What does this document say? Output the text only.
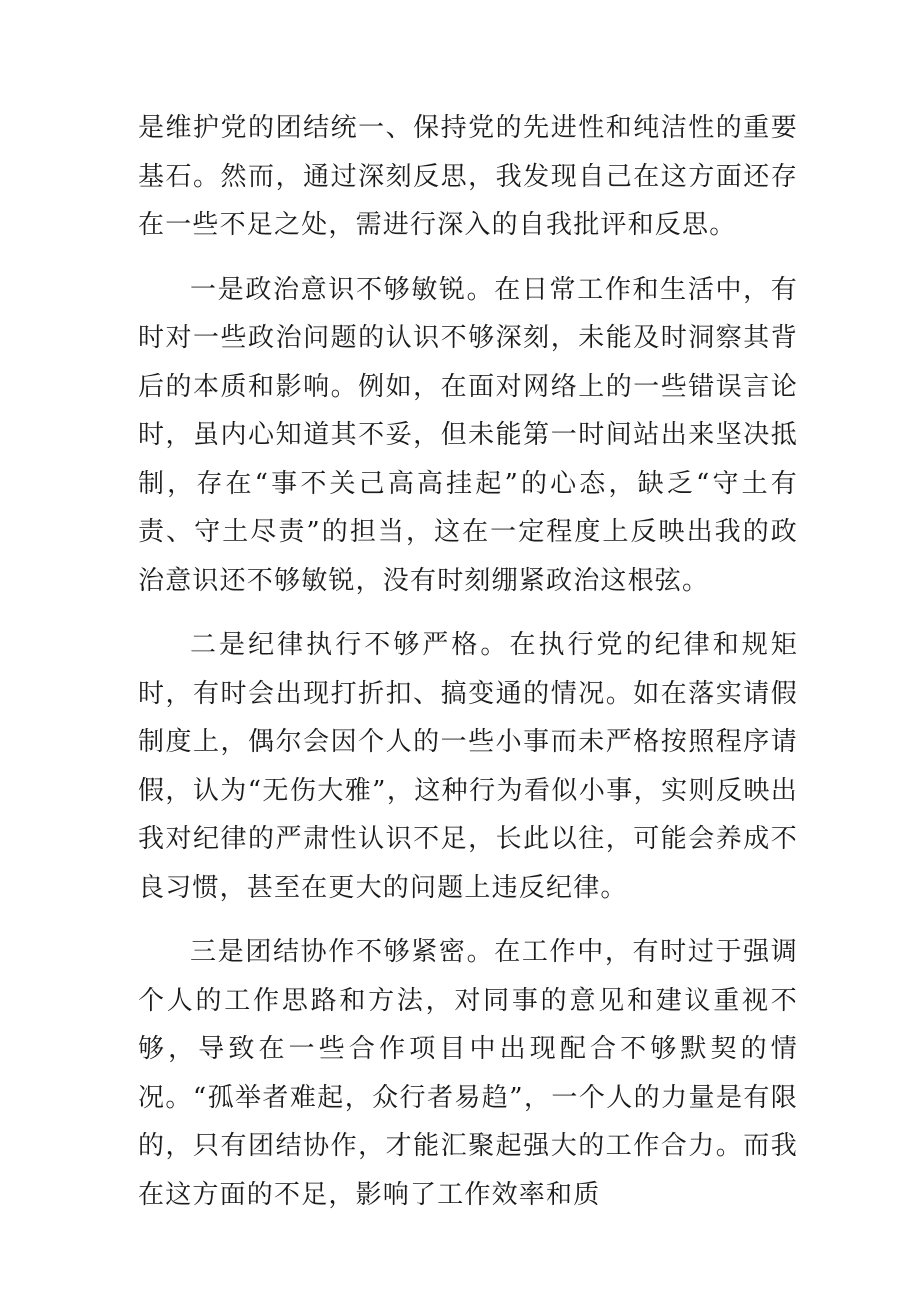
是维护党的团结统一、保持党的先进性和纯洁性的重要基石。然而，通过深刻反思，我发现自己在这方面还存在一些不足之处，需进行深入的自我批评和反思。

一是政治意识不够敏锐。在日常工作和生活中，有时对一些政治问题的认识不够深刻，未能及时洞察其背后的本质和影响。例如，在面对网络上的一些错误言论时，虽内心知道其不妥，但未能第一时间站出来坚决抵制，存在“事不关己高高挂起”的心态，缺乏“守土有责、守土尽责”的担当，这在一定程度上反映出我的政治意识还不够敏锐，没有时刻绷紧政治这根弦。

二是纪律执行不够严格。在执行党的纪律和规矩时，有时会出现打折扣、搞变通的情况。如在落实请假制度上，偶尔会因个人的一些小事而未严格按照程序请假，认为“无伤大雅”，这种行为看似小事，实则反映出我对纪律的严肃性认识不足，长此以往，可能会养成不良习惯，甚至在更大的问题上违反纪律。

三是团结协作不够紧密。在工作中，有时过于强调个人的工作思路和方法，对同事的意见和建议重视不够，导致在一些合作项目中出现配合不够默契的情况。“孤举者难起，众行者易趋”，一个人的力量是有限的，只有团结协作，才能汇聚起强大的工作合力。而我在这方面的不足，影响了工作效率和质
